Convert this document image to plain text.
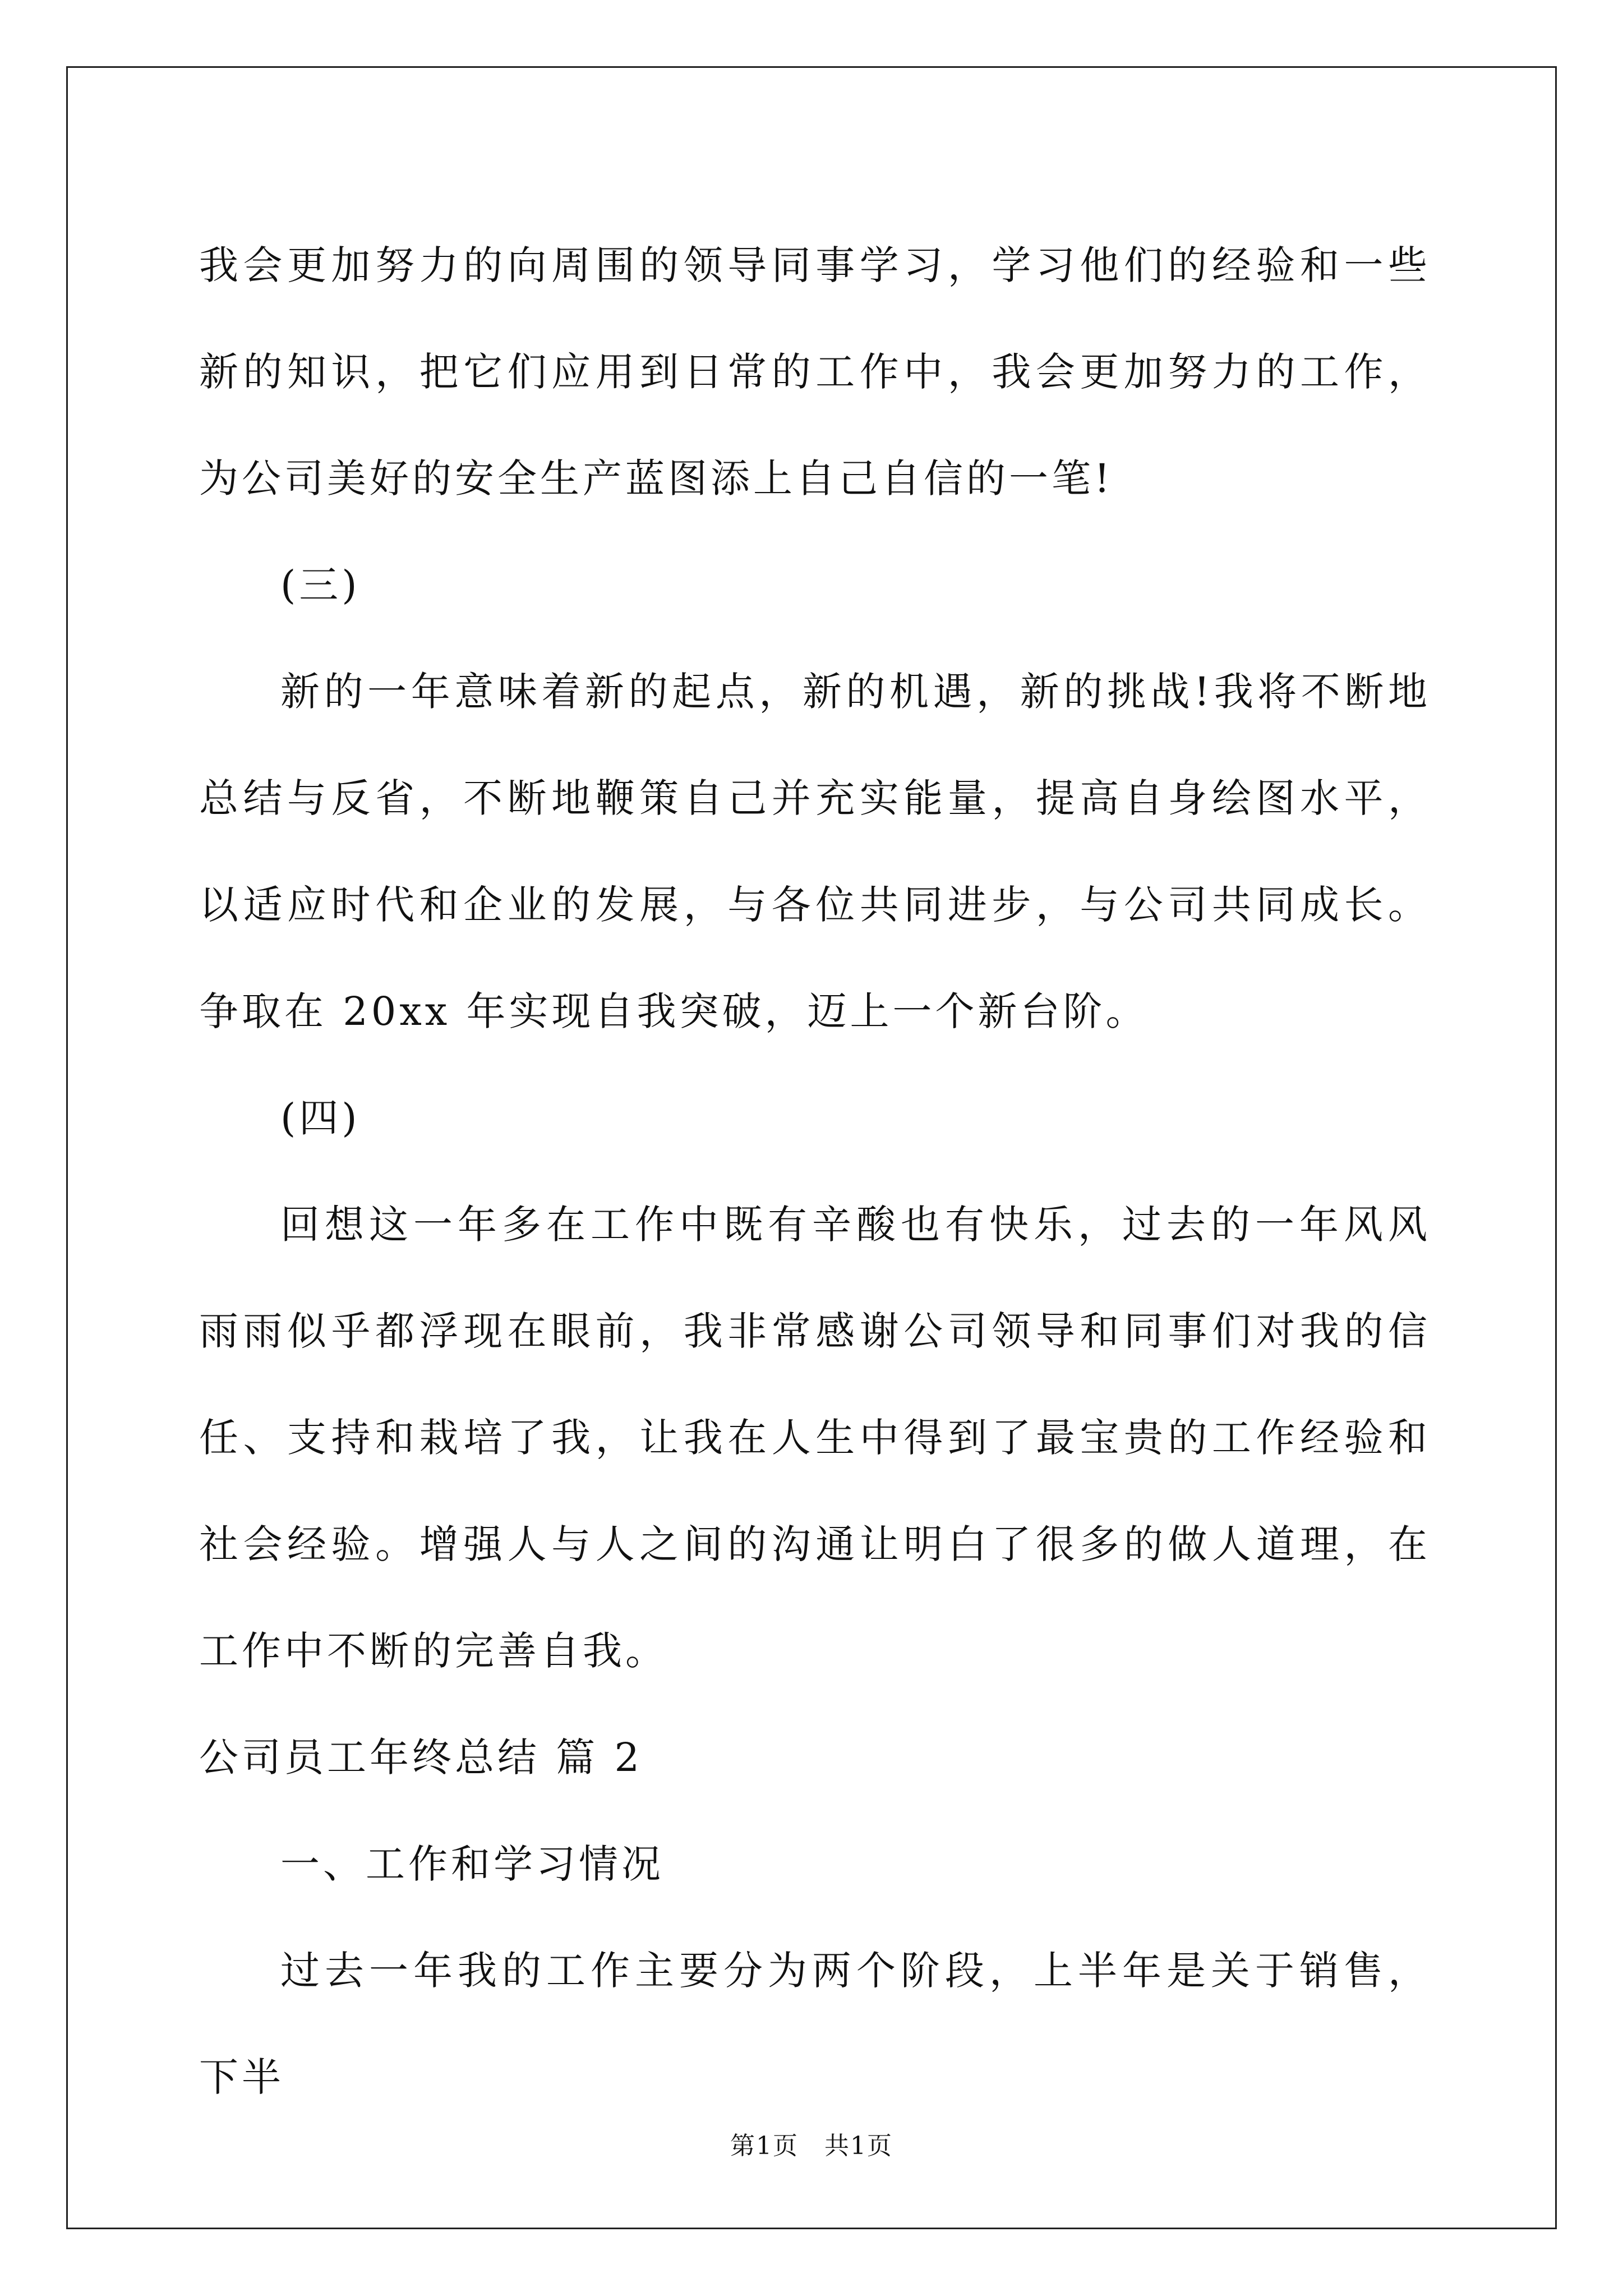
我会更加努力的向周围的领导同事学习，学习他们的经验和一些新的知识，把它们应用到日常的工作中，我会更加努力的工作，为公司美好的安全生产蓝图添上自己自信的一笔!

(三)

新的一年意味着新的起点，新的机遇，新的挑战!我将不断地总结与反省，不断地鞭策自己并充实能量，提高自身绘图水平，以适应时代和企业的发展，与各位共同进步，与公司共同成长。争取在 20xx 年实现自我突破，迈上一个新台阶。

(四)

回想这一年多在工作中既有辛酸也有快乐，过去的一年风风雨雨似乎都浮现在眼前，我非常感谢公司领导和同事们对我的信任、支持和栽培了我，让我在人生中得到了最宝贵的工作经验和社会经验。增强人与人之间的沟通让明白了很多的做人道理，在工作中不断的完善自我。

公司员工年终总结 篇 2

一、工作和学习情况

过去一年我的工作主要分为两个阶段，上半年是关于销售，下半

第1页　共1页
